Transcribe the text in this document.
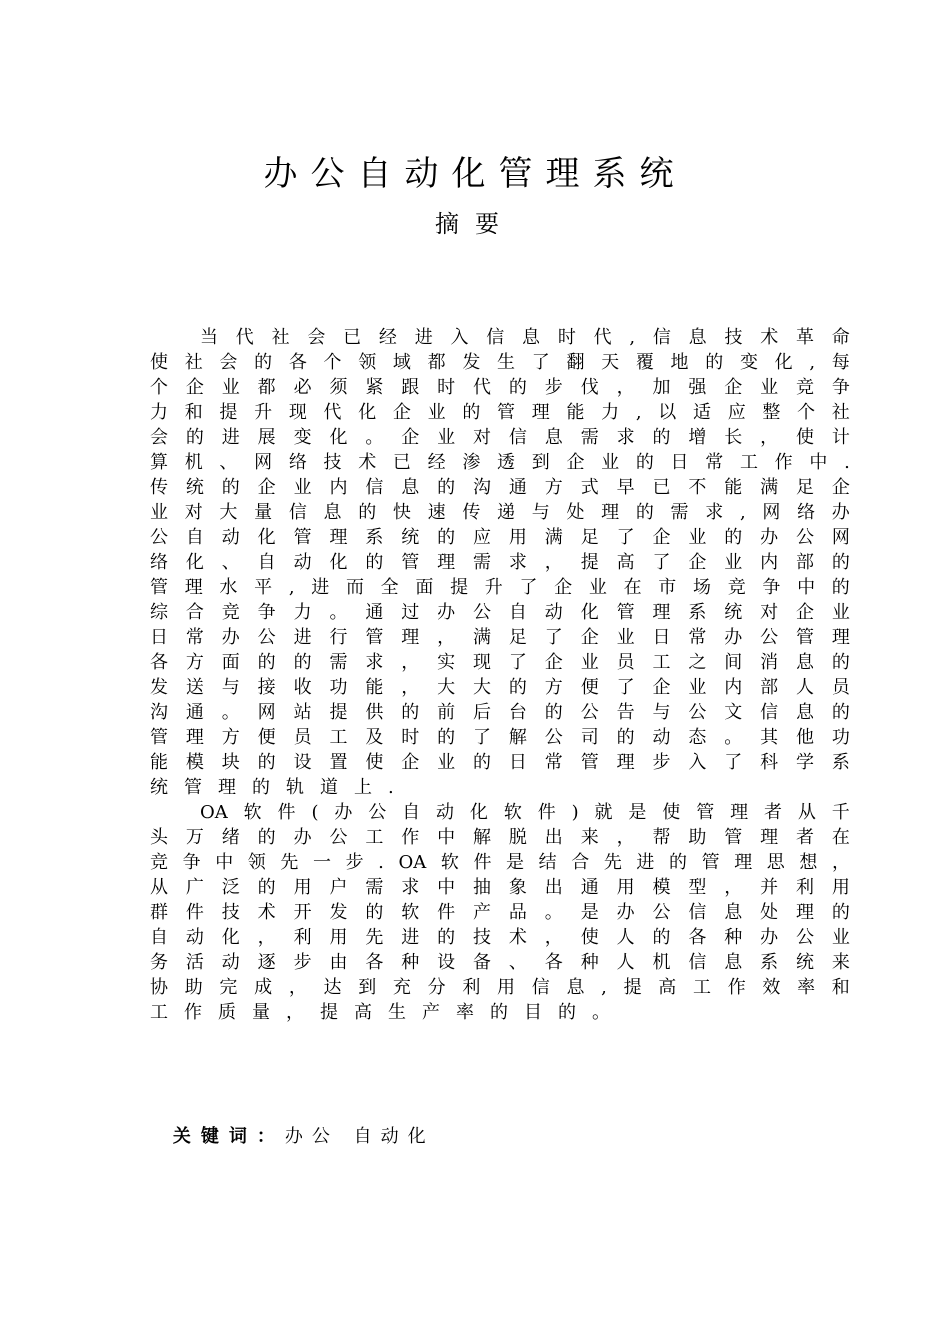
办公自动化管理系统
摘要
当 代 社 会 已 经 进 入 信 息 时 代 , 信 息 技 术 革 命
使 社 会 的 各 个 领 域 都 发 生 了 翻 天 覆 地 的 变 化 , 每
个 企 业 都 必 须 紧 跟 时 代 的 步 伐 ， 加 强 企 业 竞 争
力 和 提 升 现 代 化 企 业 的 管 理 能 力 , 以 适 应 整 个 社
会 的 进 展 变 化 。 企 业 对 信 息 需 求 的 增 长 ， 使 计
算 机 、 网 络 技 术 已 经 渗 透 到 企 业 的 日 常 工 作 中 .
传 统 的 企 业 内 信 息 的 沟 通 方 式 早 已 不 能 满 足 企
业 对 大 量 信 息 的 快 速 传 递 与 处 理 的 需 求 , 网 络 办
公 自 动 化 管 理 系 统 的 应 用 满 足 了 企 业 的 办 公 网
络 化 、 自 动 化 的 管 理 需 求 ， 提 高 了 企 业 内 部 的
管 理 水 平 , 进 而 全 面 提 升 了 企 业 在 市 场 竞 争 中 的
综 合 竞 争 力 。 通 过 办 公 自 动 化 管 理 系 统 对 企 业
日 常 办 公 进 行 管 理 ， 满 足 了 企 业 日 常 办 公 管 理
各 方 面 的 的 需 求 ， 实 现 了 企 业 员 工 之 间 消 息 的
发 送 与 接 收 功 能 ， 大 大 的 方 便 了 企 业 内 部 人 员
沟 通 。 网 站 提 供 的 前 后 台 的 公 告 与 公 文 信 息 的
管 理 方 便 员 工 及 时 的 了 解 公 司 的 动 态 。 其 他 功
能 模 块 的 设 置 使 企 业 的 日 常 管 理 步 入 了 科 学 系
统 管 理 的 轨 道 上 .
OA 软 件 ( 办 公 自 动 化 软 件 ) 就 是 使 管 理 者 从 千
头 万 绪 的 办 公 工 作 中 解 脱 出 来 ， 帮 助 管 理 者 在
竞 争 中 领 先 一 步 . OA 软 件 是 结 合 先 进 的 管 理 思 想 ，
从 广 泛 的 用 户 需 求 中 抽 象 出 通 用 模 型 ， 并 利 用
群 件 技 术 开 发 的 软 件 产 品 。 是 办 公 信 息 处 理 的
自 动 化 ， 利 用 先 进 的 技 术 ， 使 人 的 各 种 办 公 业
务 活 动 逐 步 由 各 种 设 备 、 各 种 人 机 信 息 系 统 来
协 助 完 成 ， 达 到 充 分 利 用 信 息 , 提 高 工 作 效 率 和
工 作 质 量 ， 提 高 生 产 率 的 目 的 。

关键词：办公 自动化
